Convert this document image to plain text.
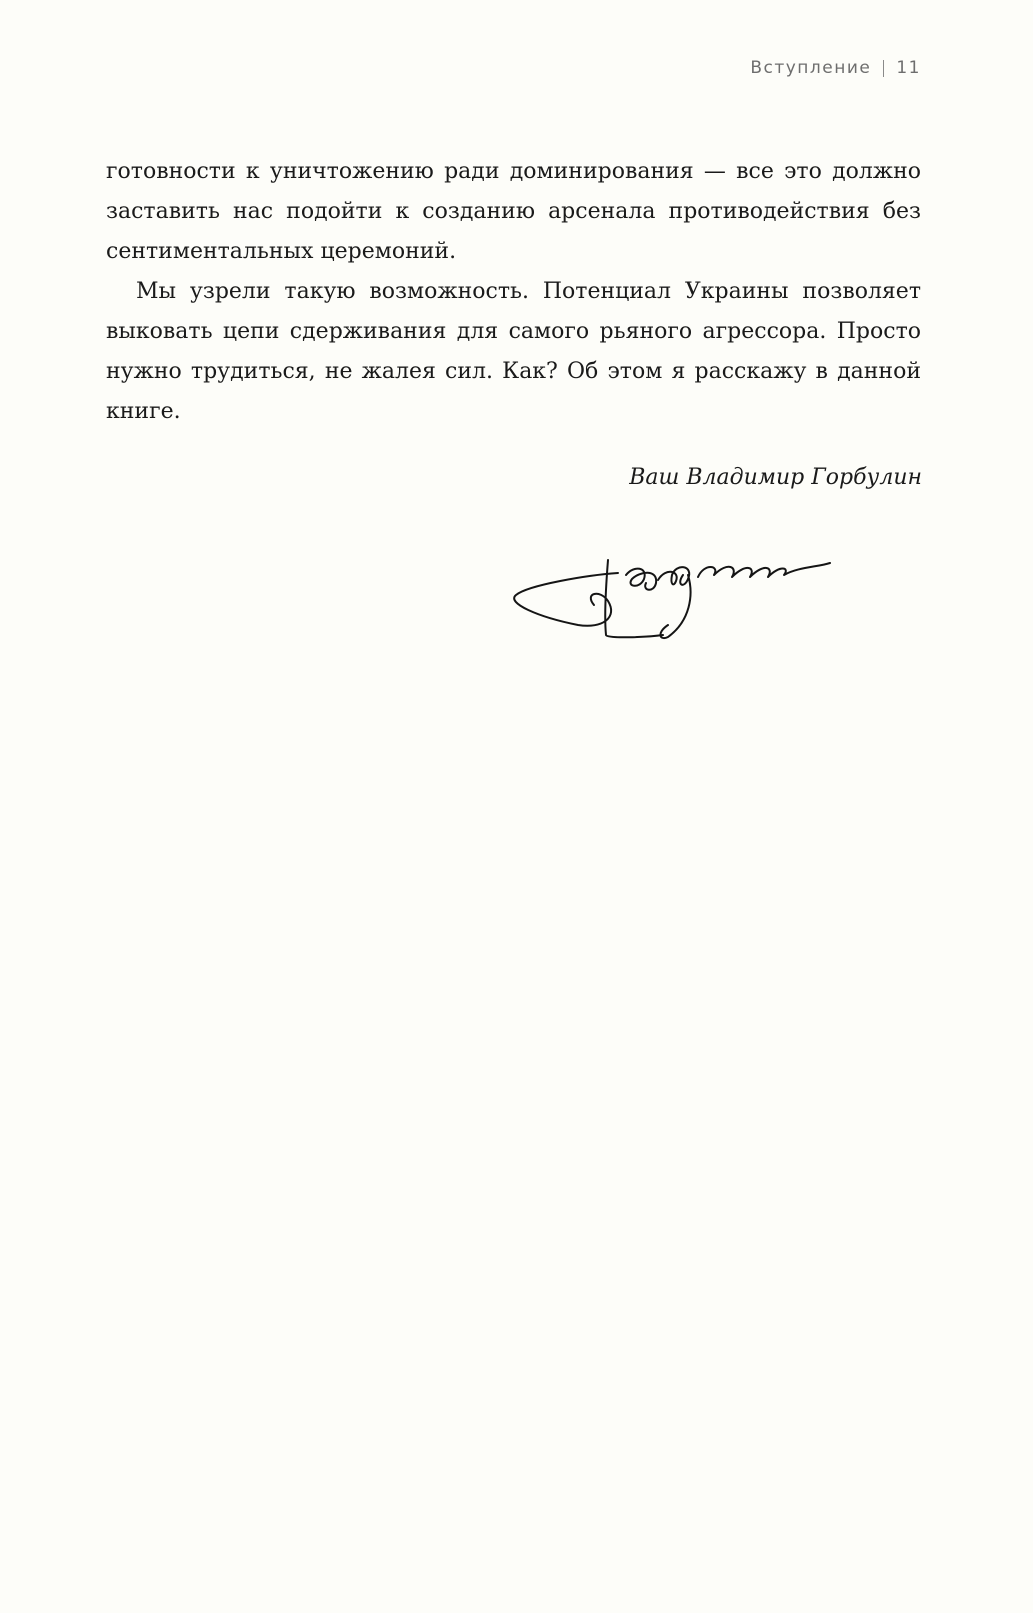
Вступление 11

готовности к уничтожению ради доминирования — все это должно заставить нас подойти к созданию арсенала противодействия без сентиментальных церемоний.

Мы узрели такую возможность. Потенциал Украины позволяет выковать цепи сдерживания для самого рьяного агрессора. Просто нужно трудиться, не жалея сил. Как? Об этом я расскажу в данной книге.

Ваш Владимир Горбулин
